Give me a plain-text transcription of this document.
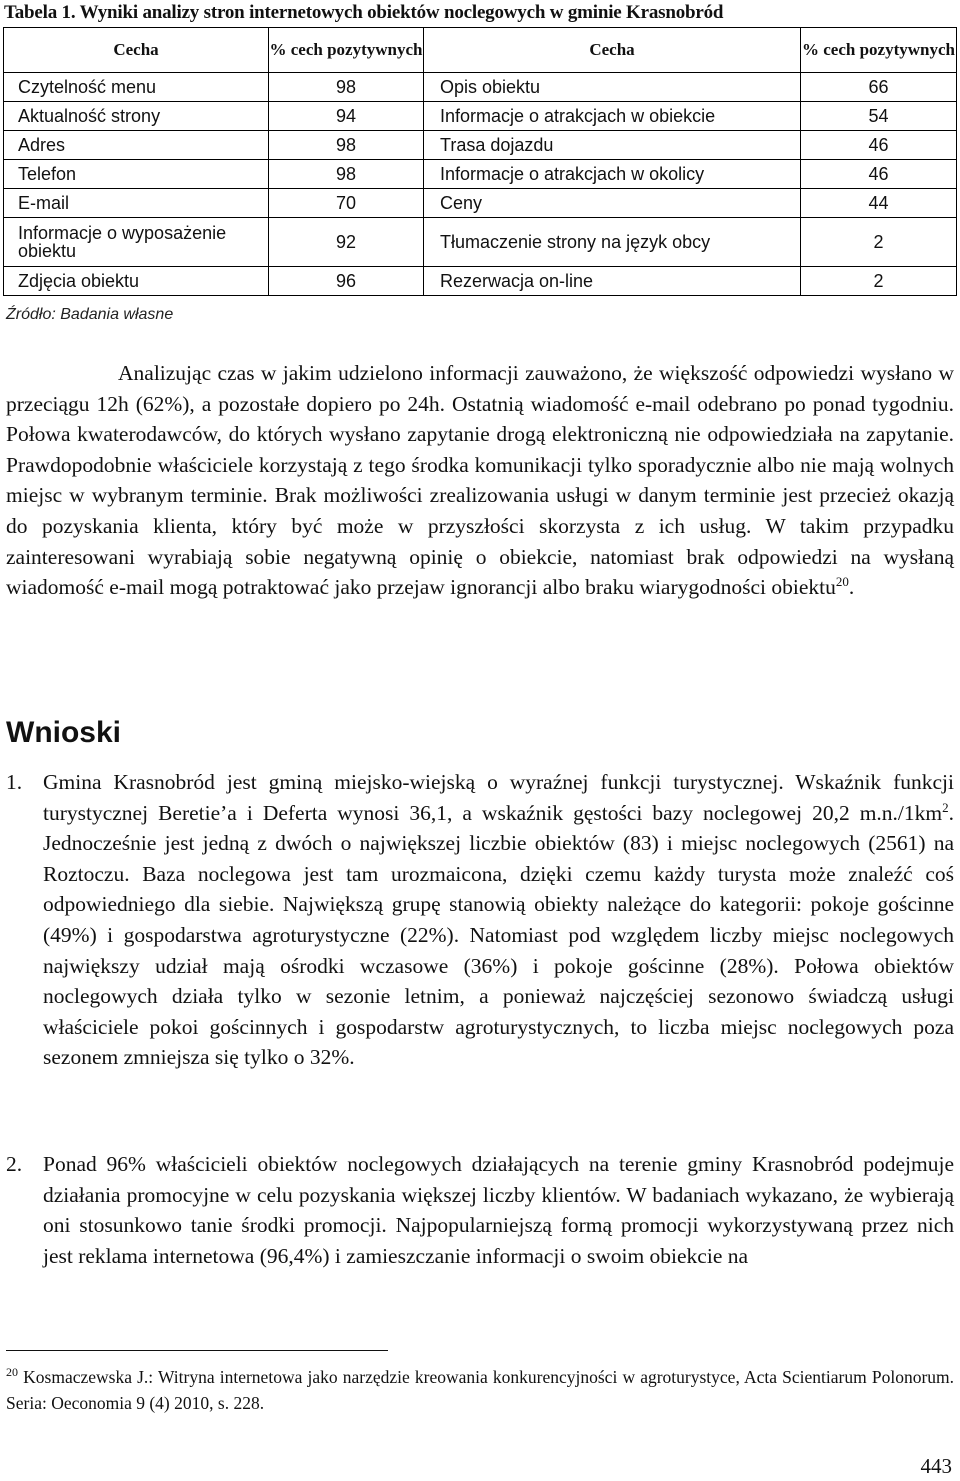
Tabela 1. Wyniki analizy stron internetowych obiektów noclegowych w gminie Krasnobród
Cecha	% cech pozytywnych	Cecha	% cech pozytywnych
Czytelność menu	98	Opis obiektu	66
Aktualność strony	94	Informacje o atrakcjach w obiekcie	54
Adres	98	Trasa dojazdu	46
Telefon	98	Informacje o atrakcjach w okolicy	46
E-mail	70	Ceny	44
Informacje o wyposażenie obiektu	92	Tłumaczenie strony na język obcy	2
Zdjęcia obiektu	96	Rezerwacja on-line	2
Źródło: Badania własne
Analizując czas w jakim udzielono informacji zauważono, że większość odpowiedzi wysłano w przeciągu 12h (62%), a pozostałe dopiero po 24h. Ostatnią wiadomość e-mail odebrano po ponad tygodniu. Połowa kwaterodawców, do których wysłano zapytanie drogą elektroniczną nie odpowiedziała na zapytanie. Prawdopodobnie właściciele korzystają z tego środka komunikacji tylko sporadycznie albo nie mają wolnych miejsc w wybranym terminie. Brak możliwości zrealizowania usługi w danym terminie jest przecież okazją do pozyskania klienta, który być może w przyszłości skorzysta z ich usług. W takim przypadku zainteresowani wyrabiają sobie negatywną opinię o obiekcie, natomiast brak odpowiedzi na wysłaną wiadomość e-mail mogą potraktować jako przejaw ignorancji albo braku wiarygodności obiektu$^{20}$.
Wnioski
1. Gmina Krasnobród jest gminą miejsko-wiejską o wyraźnej funkcji turystycznej. Wskaźnik funkcji turystycznej Beretie’a i Deferta wynosi 36,1, a wskaźnik gęstości bazy noclegowej 20,2 $m.n./1km^2$. Jednocześnie jest jedną z dwóch o największej liczbie obiektów (83) i miejsc noclegowych (2561) na Roztoczu. Baza noclegowa jest tam urozmaicona, dzięki czemu każdy turysta może znaleźć coś odpowiedniego dla siebie. Największą grupę stanowią obiekty należące do kategorii: pokoje gościnne (49%) i gospodarstwa agroturystyczne (22%). Natomiast pod względem liczby miejsc noclegowych największy udział mają ośrodki wczasowe (36%) i pokoje gościnne (28%). Połowa obiektów noclegowych działa tylko w sezonie letnim, a ponieważ najczęściej sezonowo świadczą usługi właściciele pokoi gościnnych i gospodarstw agroturystycznych, to liczba miejsc noclegowych poza sezonem zmniejsza się tylko o 32%.
2. Ponad 96% właścicieli obiektów noclegowych działających na terenie gminy Krasnobród podejmuje działania promocyjne w celu pozyskania większej liczby klientów. W badaniach wykazano, że wybierają oni stosunkowo tanie środki promocji. Najpopularniejszą formą promocji wykorzystywaną przez nich jest reklama internetowa (96,4%) i zamieszczanie informacji o swoim obiekcie na
$^{20}$ Kosmaczewska J.: Witryna internetowa jako narzędzie kreowania konkurencyjności w agroturystyce, Acta Scientiarum Polonorum. Seria: Oeconomia 9 (4) 2010, s. 228.
443
